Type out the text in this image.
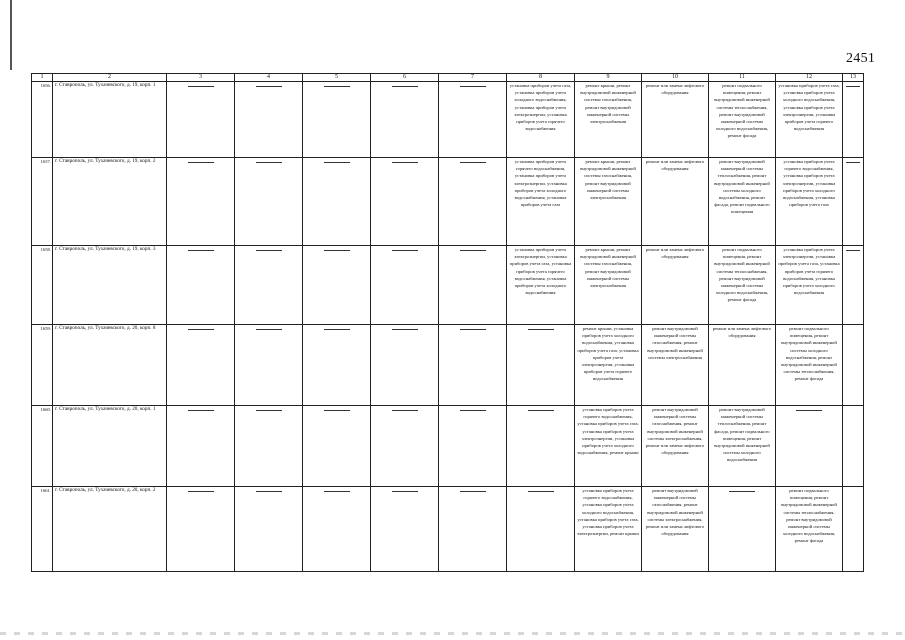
2451
1	2	3	4	5	6	7	8	9	10	11	12	13
1656.	г. Ставрополь, ул. Тухачевского, д. 19, корп. 1						установка приборов учета газа, установка приборов учета холодного водоснабжения, установка приборов учета электроэнергии, установка приборов учета горячего водоснабжения	ремонт крыши, ремонт внутридомовой инженерной системы газоснабжения, ремонт внутридомовой инженерной системы электроснабжения	ремонт или замена лифтового оборудования	ремонт подвального помещения, ремонт внутридомовой инженерной системы теплоснабжения, ремонт внутридомовой инженерной системы холодного водоснабжения, ремонт фасада	установка приборов учета газа, установка приборов учета холодного водоснабжения, установка приборов учета электроэнергии, установка приборов учета горячего водоснабжения	
1657.	г. Ставрополь, ул. Тухачевского, д. 19, корп. 2						установка приборов учета горячего водоснабжения, установка приборов учета электроэнергии, установка приборов учета холодного водоснабжения, установка приборов учета газа	ремонт крыши, ремонт внутридомовой инженерной системы газоснабжения, ремонт внутридомовой инженерной системы электроснабжения	ремонт или замена лифтового оборудования	ремонт внутридомовой инженерной системы теплоснабжения, ремонт внутридомовой инженерной системы холодного водоснабжения, ремонт фасада, ремонт подвального помещения	установка приборов учета горячего водоснабжения, установка приборов учета электроэнергии, установка приборов учета холодного водоснабжения, установка приборов учета газа	
1658.	г. Ставрополь, ул. Тухачевского, д. 19, корп. 3						установка приборов учета электроэнергии, установка приборов учета газа, установка приборов учета горячего водоснабжения, установка приборов учета холодного водоснабжения	ремонт крыши, ремонт внутридомовой инженерной системы газоснабжения, ремонт внутридомовой инженерной системы электроснабжения	ремонт или замена лифтового оборудования	ремонт подвального помещения, ремонт внутридомовой инженерной системы теплоснабжения, ремонт внутридомовой инженерной системы холодного водоснабжения, ремонт фасада	установка приборов учета электроэнергии, установка приборов учета газа, установка приборов учета горячего водоснабжения, установка приборов учета холодного водоснабжения	
1659.	г. Ставрополь, ул. Тухачевского, д. 20, корп. 8							ремонт крыши, установка приборов учета холодного водоснабжения, установка приборов учета газа, установка приборов учета электроэнергии, установка приборов учета горячего водоснабжения	ремонт внутридомовой инженерной системы газоснабжения, ремонт внутридомовой инженерной системы электроснабжения	ремонт или замена лифтового оборудования	ремонт подвального помещения, ремонт внутридомовой инженерной системы холодного водоснабжения, ремонт внутридомовой инженерной системы теплоснабжения, ремонт фасада	
1660.	г. Ставрополь, ул. Тухачевского, д. 20, корп. 1							установка приборов учета горячего водоснабжения, установка приборов учета газа, установка приборов учета электроэнергии, установка приборов учета холодного водоснабжения, ремонт крыши	ремонт внутридомовой инженерной системы газоснабжения, ремонт внутридомовой инженерной системы электроснабжения, ремонт или замена лифтового оборудования	ремонт внутридомовой инженерной системы теплоснабжения, ремонт фасада, ремонт подвального помещения, ремонт внутридомовой инженерной системы холодного водоснабжения		
1661.	г. Ставрополь, ул. Тухачевского, д. 20, корп. 2							установка приборов учета горячего водоснабжения, установка приборов учета холодного водоснабжения, установка приборов учета газа, установка приборов учета электроэнергии, ремонт крыши	ремонт внутридомовой инженерной системы газоснабжения, ремонт внутридомовой инженерной системы электроснабжения, ремонт или замена лифтового оборудования		ремонт подвального помещения, ремонт внутридомовой инженерной системы теплоснабжения, ремонт внутридомовой инженерной системы холодного водоснабжения, ремонт фасада	
